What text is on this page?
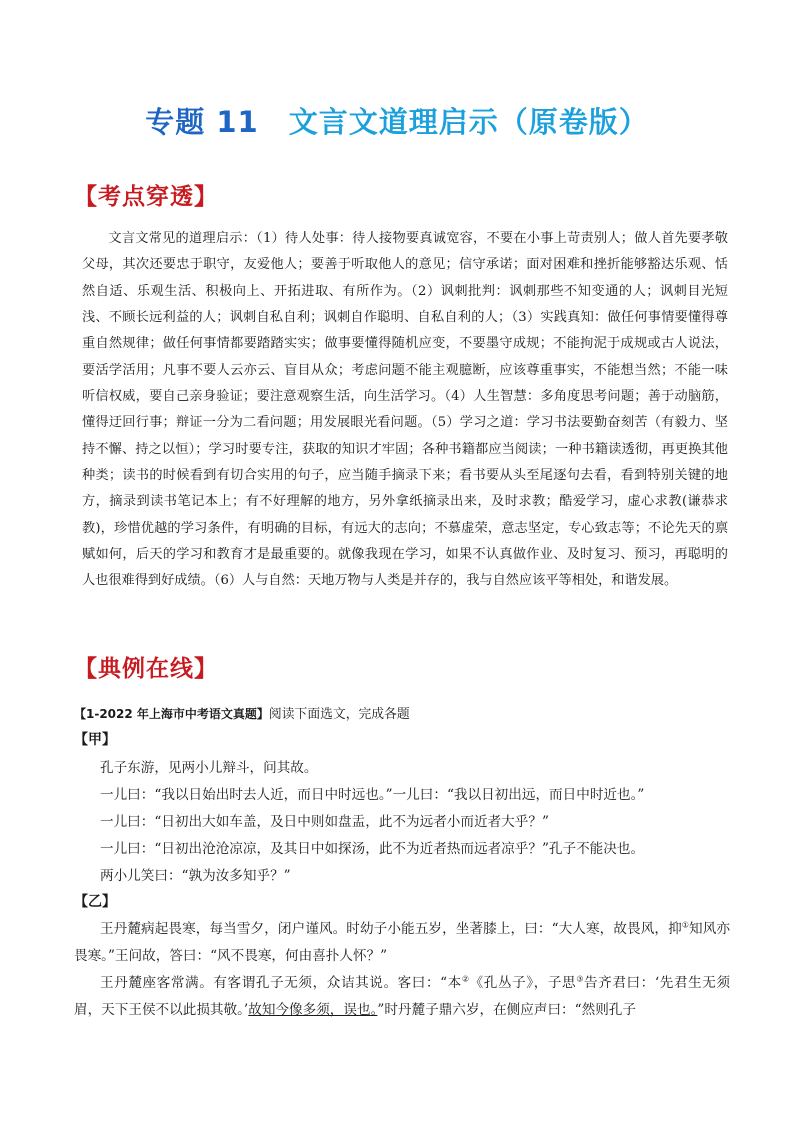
专题 11 文言文道理启示（原卷版）
【考点穿透】

文言文常见的道理启示：（1）待人处事：待人接物要真诚宽容，不要在小事上苛责别人；做人首先要孝敬父母，其次还要忠于职守，友爱他人；要善于听取他人的意见；信守承诺；面对困难和挫折能够豁达乐观、恬然自适、乐观生活、积极向上、开拓进取、有所作为。（2）讽刺批判：讽刺那些不知变通的人；讽刺目光短浅、不顾长远利益的人；讽刺自私自利；讽刺自作聪明、自私自利的人；（3）实践真知：做任何事情要懂得尊重自然规律；做任何事情都要踏踏实实；做事要懂得随机应变，不要墨守成规；不能拘泥于成规或古人说法，要活学活用；凡事不要人云亦云、盲目从众；考虑问题不能主观臆断，应该尊重事实，不能想当然；不能一味听信权威，要自己亲身验证；要注意观察生活，向生活学习。（4）人生智慧：多角度思考问题；善于动脑筋，懂得迂回行事；辩证一分为二看问题；用发展眼光看问题。（5）学习之道：学习书法要勤奋刻苦（有毅力、坚持不懈、持之以恒）；学习时要专注，获取的知识才牢固；各种书籍都应当阅读；一种书籍读透彻，再更换其他种类；读书的时候看到有切合实用的句子，应当随手摘录下来；看书要从头至尾逐句去看，看到特别关键的地方，摘录到读书笔记本上；有不好理解的地方，另外拿纸摘录出来，及时求教；酷爱学习，虚心求教(谦恭求教)，珍惜优越的学习条件，有明确的目标，有远大的志向；不慕虚荣，意志坚定，专心致志等；不论先天的禀赋如何，后天的学习和教育才是最重要的。就像我现在学习，如果不认真做作业、及时复习、预习，再聪明的人也很难得到好成绩。（6）人与自然：天地万物与人类是并存的，我与自然应该平等相处，和谐发展。

【典例在线】
【1-2022 年上海市中考语文真题】阅读下面选文，完成各题
【甲】
孔子东游，见两小儿辩斗，问其故。
一儿曰：“我以日始出时去人近，而日中时远也。”一儿曰：“我以日初出远，而日中时近也。”
一儿曰：“日初出大如车盖，及日中则如盘盂，此不为远者小而近者大乎？”
一儿曰：“日初出沧沧凉凉，及其日中如探汤，此不为近者热而远者凉乎？”孔子不能决也。
两小儿笑曰：“孰为汝多知乎？”
【乙】

王丹麓病起畏寒，每当雪夕，闭户谨风。时幼子小能五岁，坐著膝上，曰：“大人寒，故畏风，抑①知风亦畏寒。”王问故，答曰：“风不畏寒，何由喜扑人怀？”

王丹麓座客常满。有客谓孔子无须，众诘其说。客曰：“本②《孔丛子》，子思③告齐君曰：‘先君生无须眉，天下王侯不以此损其敬。’故知今像多须，误也。”时丹麓子鼎六岁，在侧应声曰：“然则孔子
